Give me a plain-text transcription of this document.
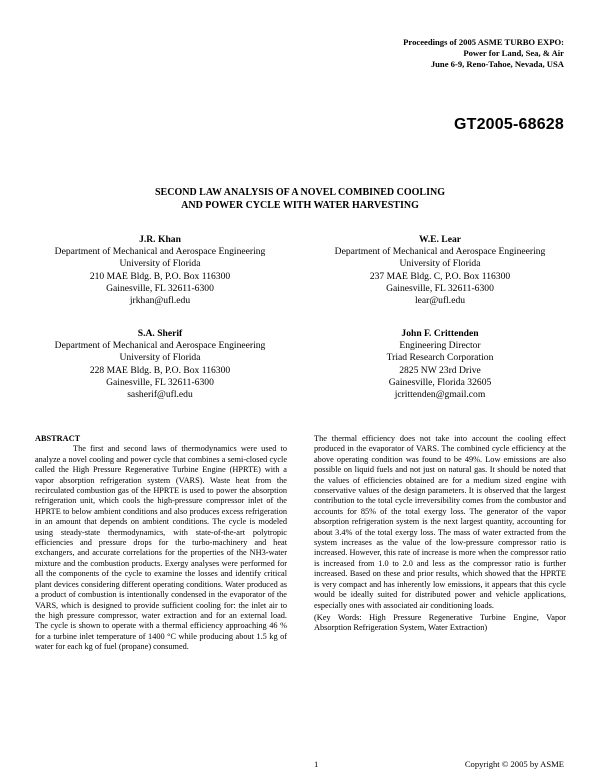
Proceedings of 2005 ASME TURBO EXPO:
Power for Land, Sea, & Air
June 6-9, Reno-Tahoe, Nevada, USA
GT2005-68628
SECOND LAW ANALYSIS OF A NOVEL COMBINED COOLING
AND POWER CYCLE WITH WATER HARVESTING
J.R. Khan
Department of Mechanical and Aerospace Engineering
University of Florida
210 MAE Bldg. B, P.O. Box 116300
Gainesville, FL 32611-6300
jrkhan@ufl.edu
W.E. Lear
Department of Mechanical and Aerospace Engineering
University of Florida
237 MAE Bldg. C, P.O. Box 116300
Gainesville, FL 32611-6300
lear@ufl.edu
S.A. Sherif
Department of Mechanical and Aerospace Engineering
University of Florida
228 MAE Bldg. B, P.O. Box 116300
Gainesville, FL 32611-6300
sasherif@ufl.edu
John F. Crittenden
Engineering Director
Triad Research Corporation
2825 NW 23rd Drive
Gainesville, Florida 32605
jcrittenden@gmail.com

ABSTRACT

The first and second laws of thermodynamics were used to analyze a novel cooling and power cycle that combines a semi-closed cycle called the High Pressure Regenerative Turbine Engine (HPRTE) with a vapor absorption refrigeration system (VARS). Waste heat from the recirculated combustion gas of the HPRTE is used to power the absorption refrigeration unit, which cools the high-pressure compressor inlet of the HPRTE to below ambient conditions and also produces excess refrigeration in an amount that depends on ambient conditions. The cycle is modeled using steady-state thermodynamics, with state-of-the-art polytropic efficiencies and pressure drops for the turbo-machinery and heat exchangers, and accurate correlations for the properties of the NH3-water mixture and the combustion products. Exergy analyses were performed for all the components of the cycle to examine the losses and identify critical plant devices considering different operating conditions. Water produced as a product of combustion is intentionally condensed in the evaporator of the VARS, which is designed to provide sufficient cooling for: the inlet air to the high pressure compressor, water extraction and for an external load. The cycle is shown to operate with a thermal efficiency approaching 46 % for a turbine inlet temperature of 1400 °C while producing about 1.5 kg of water for each kg of fuel (propane) consumed.

The thermal efficiency does not take into account the cooling effect produced in the evaporator of VARS. The combined cycle efficiency at the above operating condition was found to be 49%. Low emissions are also possible on liquid fuels and not just on natural gas. It should be noted that the values of efficiencies obtained are for a medium sized engine with conservative values of the design parameters. It is observed that the largest contribution to the total cycle irreversibility comes from the combustor and accounts for 85% of the total exergy loss. The generator of the vapor absorption refrigeration system is the next largest quantity, accounting for about 3.4% of the total exergy loss. The mass of water extracted from the system increases as the value of the low-pressure compressor ratio is increased. However, this rate of increase is more when the compressor ratio is increased from 1.0 to 2.0 and less as the compressor ratio is further increased. Based on these and prior results, which showed that the HPRTE is very compact and has inherently low emissions, it appears that this cycle would be ideally suited for distributed power and vehicle applications, especially ones with associated air conditioning loads.

(Key Words: High Pressure Regenerative Turbine Engine, Vapor Absorption Refrigeration System, Water Extraction)

1	Copyright © 2005 by ASME
